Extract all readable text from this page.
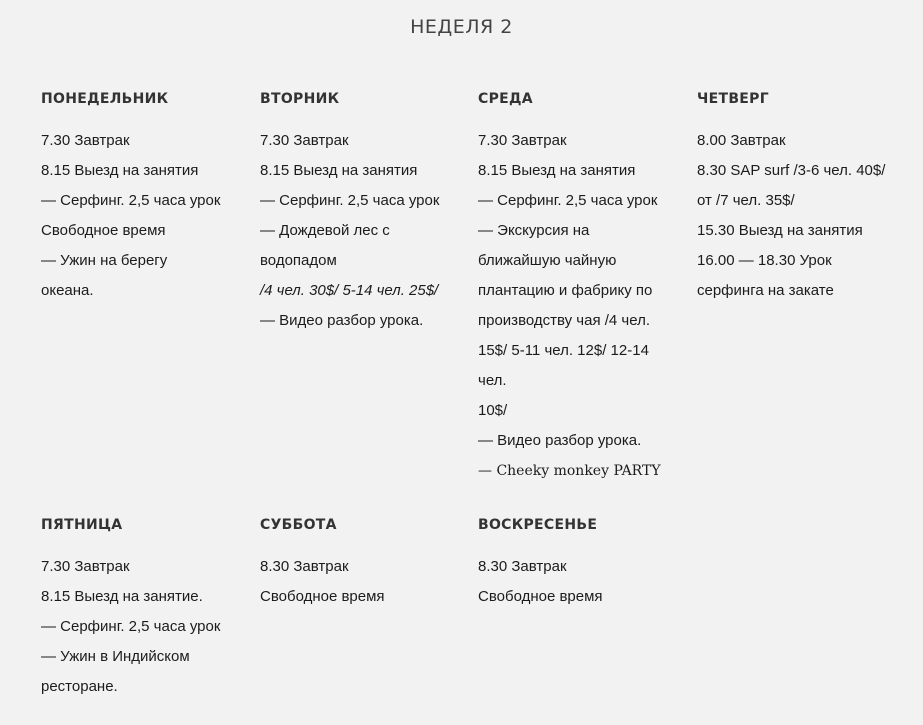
НЕДЕЛЯ 2
ПОНЕДЕЛЬНИК
7.30 Завтрак
8.15 Выезд на занятия
— Серфинг. 2,5 часа урок
Свободное время
— Ужин на берегу
океана.
ВТОРНИК
7.30 Завтрак
8.15 Выезд на занятия
— Серфинг. 2,5 часа урок
— Дождевой лес с
водопадом
/4 чел. 30$/ 5-14 чел. 25$/
— Видео разбор урока.
СРЕДА
7.30 Завтрак
8.15 Выезд на занятия
— Серфинг. 2,5 часа урок
— Экскурсия на
ближайшую чайную
плантацию и фабрику по
производству чая /4 чел.
15$/ 5-11 чел. 12$/ 12-14 чел.
10$/
— Видео разбор урока.
— Cheeky monkey PARTY
ЧЕТВЕРГ
8.00 Завтрак
8.30 SAP surf /3-6 чел. 40$/
от /7 чел. 35$/
15.30 Выезд на занятия
16.00 — 18.30 Урок
серфинга на закате
ПЯТНИЦА
7.30 Завтрак
8.15 Выезд на занятие.
— Серфинг. 2,5 часа урок
— Ужин в Индийском
ресторане.
СУББОТА
8.30 Завтрак
Свободное время
ВОСКРЕСЕНЬЕ
8.30 Завтрак
Свободное время
